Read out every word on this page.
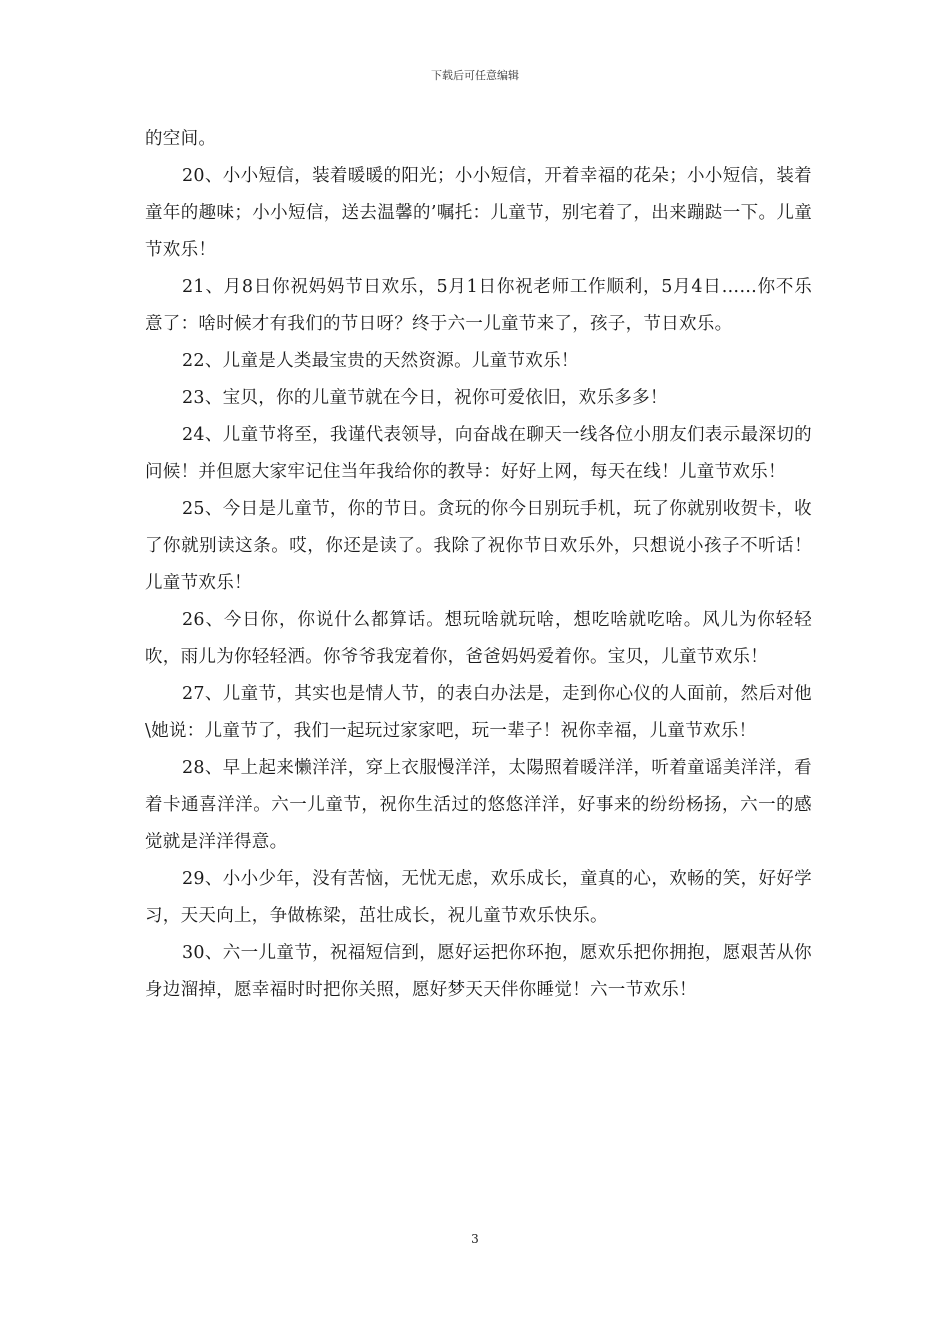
下载后可任意编辑

的空间。

20、小小短信，装着暖暖的阳光；小小短信，开着幸福的花朵；小小短信，装着童年的趣味；小小短信，送去温馨的’嘱托：儿童节，别宅着了，出来蹦跶一下。儿童节欢乐！

21、月8日你祝妈妈节日欢乐，5月1日你祝老师工作顺利，5月4日……你不乐意了：啥时候才有我们的节日呀？终于六一儿童节来了，孩子，节日欢乐。

22、儿童是人类最宝贵的天然资源。儿童节欢乐！

23、宝贝，你的儿童节就在今日，祝你可爱依旧，欢乐多多！

24、儿童节将至，我谨代表领导，向奋战在聊天一线各位小朋友们表示最深切的问候！并但愿大家牢记住当年我给你的教导：好好上网，每天在线！儿童节欢乐！

25、今日是儿童节，你的节日。贪玩的你今日别玩手机，玩了你就别收贺卡，收了你就别读这条。哎，你还是读了。我除了祝你节日欢乐外，只想说小孩子不听话！儿童节欢乐！

26、今日你，你说什么都算话。想玩啥就玩啥，想吃啥就吃啥。风儿为你轻轻吹，雨儿为你轻轻洒。你爷爷我宠着你，爸爸妈妈爱着你。宝贝，儿童节欢乐！

27、儿童节，其实也是情人节，的表白办法是，走到你心仪的人面前，然后对他\她说：儿童节了，我们一起玩过家家吧，玩一辈子！祝你幸福，儿童节欢乐！

28、早上起来懒洋洋，穿上衣服慢洋洋，太陽照着暖洋洋，听着童谣美洋洋，看着卡通喜洋洋。六一儿童节，祝你生活过的悠悠洋洋，好事来的纷纷杨扬，六一的感觉就是洋洋得意。

29、小小少年，没有苦恼，无忧无虑，欢乐成长，童真的心，欢畅的笑，好好学习，天天向上，争做栋梁，茁壮成长，祝儿童节欢乐快乐。

30、六一儿童节，祝福短信到，愿好运把你环抱，愿欢乐把你拥抱，愿艰苦从你身边溜掉，愿幸福时时把你关照，愿好梦天天伴你睡觉！六一节欢乐！

3
